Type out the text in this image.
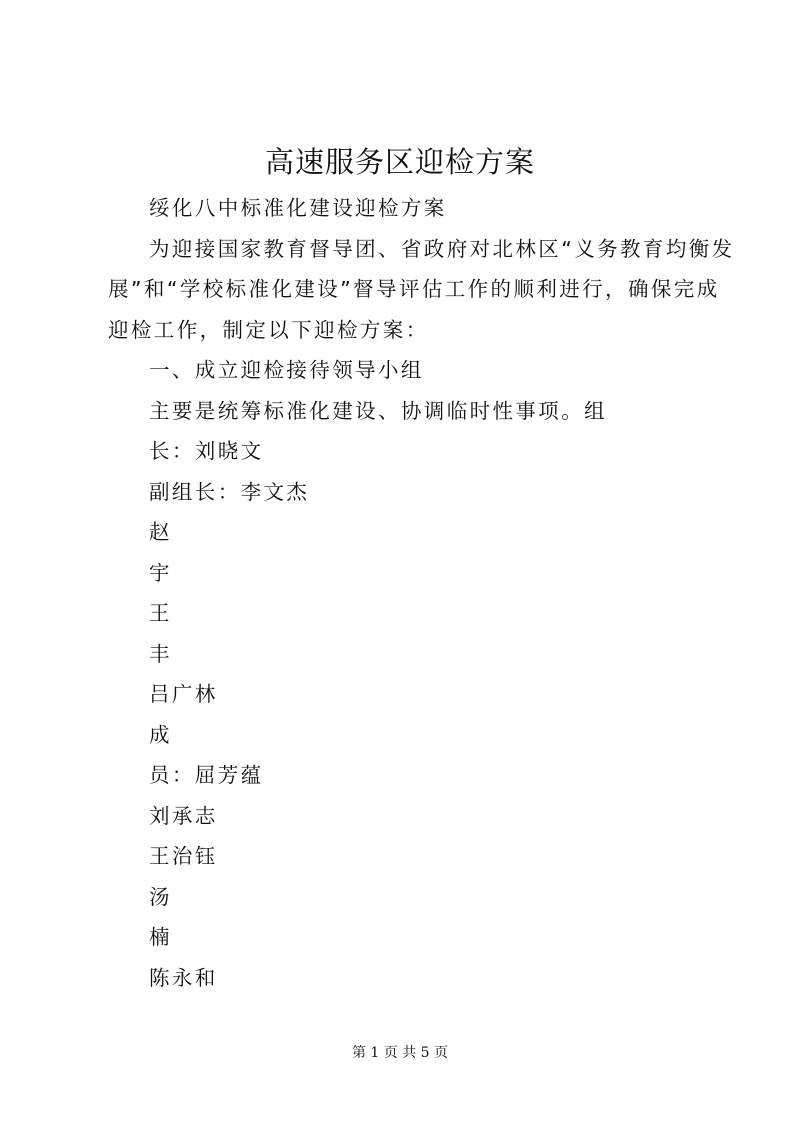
高速服务区迎检方案
绥化八中标准化建设迎检方案
为迎接国家教育督导团、省政府对北林区“义务教育均衡发
展”和“学校标准化建设”督导评估工作的顺利进行，确保完成
迎检工作，制定以下迎检方案：
一、成立迎检接待领导小组
主要是统筹标准化建设、协调临时性事项。组
长：刘晓文
副组长：李文杰
赵
宇
王
丰
吕广林
成
员：屈芳蕴
刘承志
王治钰
汤
楠
陈永和
第 1 页 共 5 页
